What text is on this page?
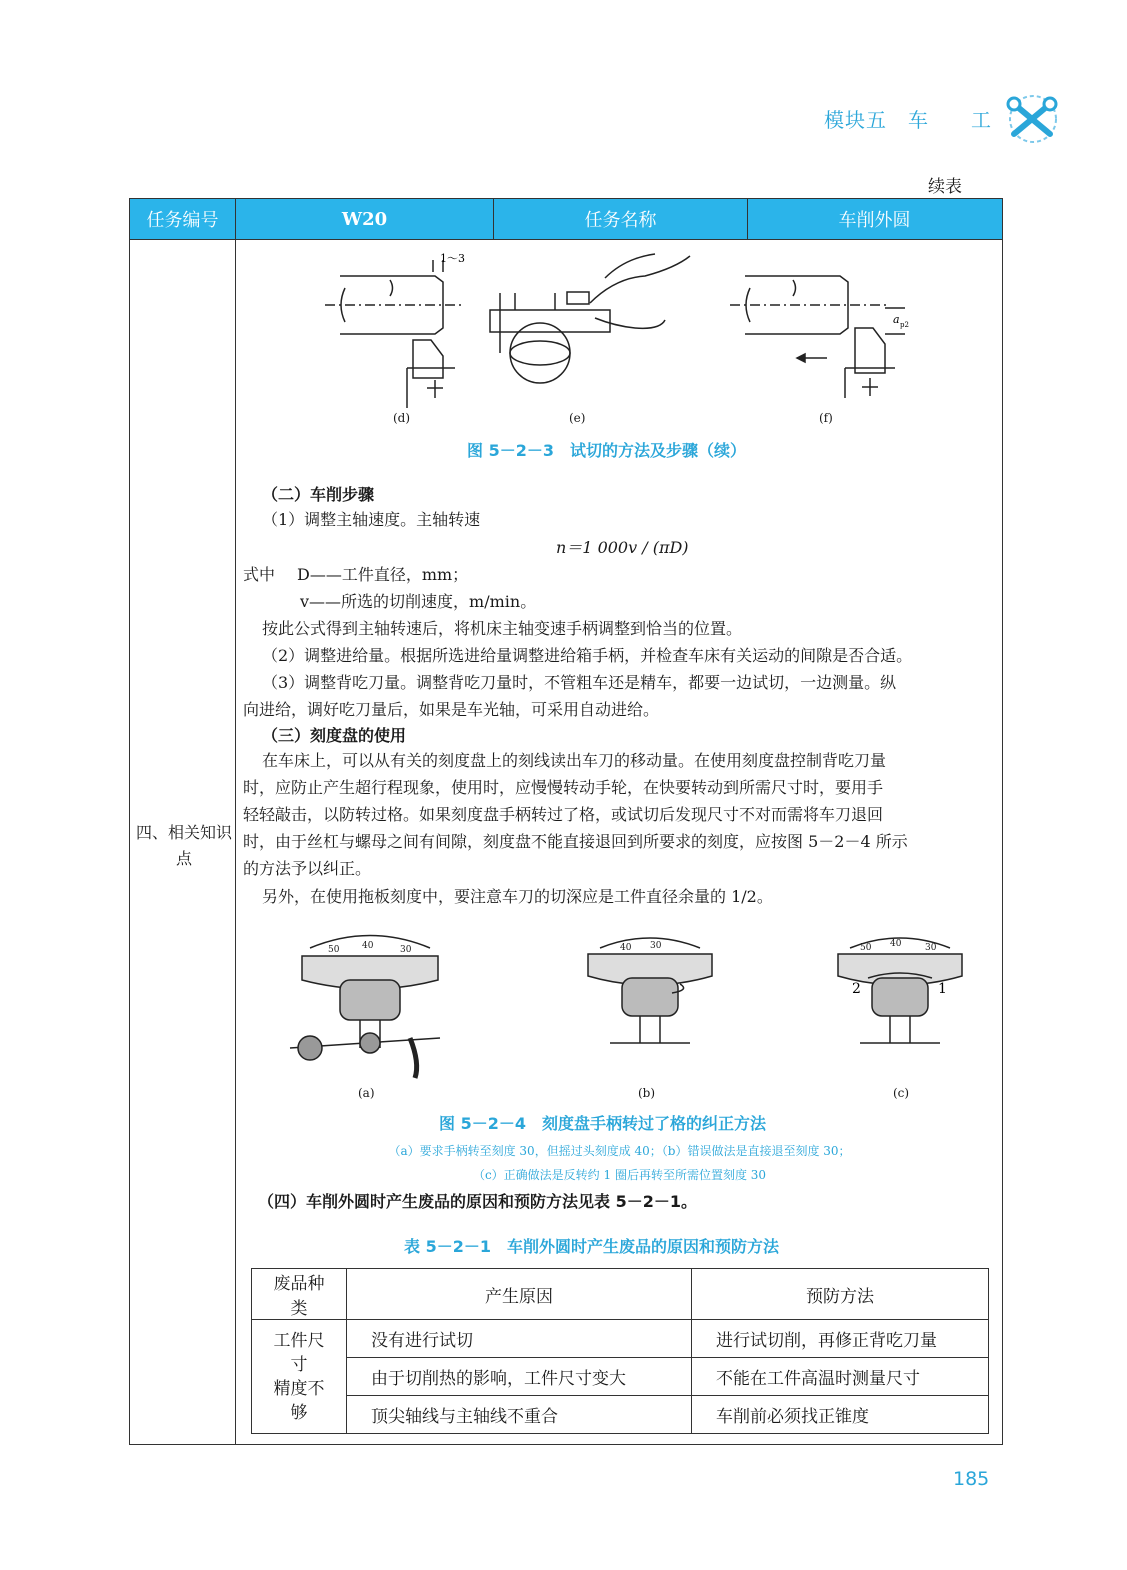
模块五　车　　工
续表
任务编号	W20	任务名称	车削外圆
四、相关知识点
1～3
a p2
(d)	(e)	(f)
图 5－2－3　试切的方法及步骤（续）
（二）车削步骤
（1）调整主轴速度。主轴转速
n＝1 000v / (πD)
式中 D——工件直径，mm；
v——所选的切削速度，m/min。
按此公式得到主轴转速后，将机床主轴变速手柄调整到恰当的位置。
（2）调整进给量。根据所选进给量调整进给箱手柄，并检查车床有关运动的间隙是否合适。
（3）调整背吃刀量。调整背吃刀量时，不管粗车还是精车，都要一边试切，一边测量。纵
向进给，调好吃刀量后，如果是车光轴，可采用自动进给。
（三）刻度盘的使用
在车床上，可以从有关的刻度盘上的刻线读出车刀的移动量。在使用刻度盘控制背吃刀量
时，应防止产生超行程现象，使用时，应慢慢转动手轮，在快要转动到所需尺寸时，要用手
轻轻敲击，以防转过格。如果刻度盘手柄转过了格，或试切后发现尺寸不对而需将车刀退回
时，由于丝杠与螺母之间有间隙，刻度盘不能直接退回到所要求的刻度，应按图 5－2－4 所示
的方法予以纠正。
另外，在使用拖板刻度中，要注意车刀的切深应是工件直径余量的 1/2。
50	40	30	40 30	50 40	30
2	1
(a)	(b)	(c)
图 5－2－4　刻度盘手柄转过了格的纠正方法
（a）要求手柄转至刻度 30，但摇过头刻度成 40；（b）错误做法是直接退至刻度 30；
（c）正确做法是反转约 1 圈后再转至所需位置刻度 30
（四）车削外圆时产生废品的原因和预防方法见表 5－2－1。
表 5－2－1　车削外圆时产生废品的原因和预防方法
废品种类	产生原因	预防方法

工件尺寸
精度不够	没有进行试切	进行试切削，再修正背吃刀量
	由于切削热的影响，工件尺寸变大	不能在工件高温时测量尺寸
	顶尖轴线与主轴线不重合	车削前必须找正锥度
185
